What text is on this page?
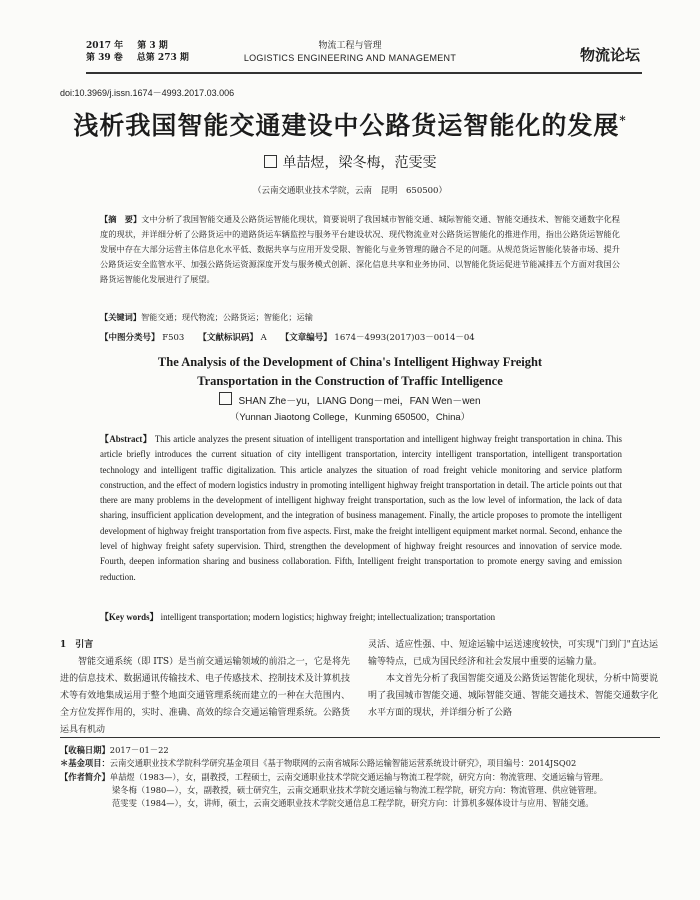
2017 年 第 3 期
第 39 卷 总第 273 期
物流工程与管理
LOGISTICS ENGINEERING AND MANAGEMENT	物流论坛
doi:10.3969/j.issn.1674－4993.2017.03.006
浅析我国智能交通建设中公路货运智能化的发展*
单喆煜，梁冬梅，范雯雯
（云南交通职业技术学院，云南　昆明　650500）
【摘　要】文中分析了我国智能交通及公路货运智能化现状，简要说明了我国城市智能交通、城际智能交通、智能交通技术、智能交通数字化程度的现状，并详细分析了公路货运中的道路货运车辆监控与服务平台建设状况、现代物流业对公路货运智能化的推进作用，指出公路货运智能化发展中存在大部分运营主体信息化水平低、数据共享与应用开发受限、智能化与业务管理的融合不足的问题。从规范货运智能化装备市场、提升公路货运安全监管水平、加强公路货运资源深度开发与服务模式创新、深化信息共享和业务协同、以智能化货运促进节能减排五个方面对我国公路货运智能化发展进行了展望。
【关键词】智能交通；现代物流；公路货运；智能化；运输
【中图分类号】 F503 【文献标识码】 A 【文章编号】 1674－4993(2017)03－0014－04
The Analysis of the Development of China's Intelligent Highway Freight
Transportation in the Construction of Traffic Intelligence
SHAN Zhe－yu，LIANG Dong－mei，FAN Wen－wen
（Yunnan Jiaotong College，Kunming 650500，China）
【Abstract】 This article analyzes the present situation of intelligent transportation and intelligent highway freight transportation in china. This article briefly introduces the current situation of city intelligent transportation, intercity intelligent transportation, intelligent transportation technology and intelligent traffic digitalization. This article analyzes the situation of road freight vehicle monitoring and service platform construction, and the effect of modern logistics industry in promoting intelligent highway freight transportation in detail. The article points out that there are many problems in the development of intelligent highway freight transportation, such as the low level of information, the lack of data sharing, insufficient application development, and the integration of business management. Finally, the article proposes to promote the intelligent development of highway freight transportation from five aspects. First, make the freight intelligent equipment market normal. Second, enhance the level of highway freight safety supervision. Third, strengthen the development of highway freight resources and innovation of service mode. Fourth, deepen information sharing and business collaboration. Fifth, Intelligent freight transportation to promote energy saving and emission reduction.
【Key words】 intelligent transportation; modern logistics; highway freight; intellectualization; transportation
1　引言
智能交通系统（即 ITS）是当前交通运输领域的前沿之一，它是将先进的信息技术、数据通讯传输技术、电子传感技术、控制技术及计算机技术等有效地集成运用于整个地面交通管理系统而建立的一种在大范围内、全方位发挥作用的，实时、准确、高效的综合交通运输管理系统。公路货运具有机动
灵活、适应性强、中、短途运输中运送速度较快，可实现"门到门"直达运输等特点，已成为国民经济和社会发展中重要的运输力量。
本文首先分析了我国智能交通及公路货运智能化现状，分析中简要说明了我国城市智能交通、城际智能交通、智能交通技术、智能交通数字化水平方面的现状，并详细分析了公路
【收稿日期】 2017－01－22
＊基金项目： 云南交通职业技术学院科学研究基金项目《基于物联网的云南省城际公路运输智能运营系统设计研究》，项目编号：2014JSQ02
【作者简介】 单喆煜（1983—），女，副教授，工程硕士，云南交通职业技术学院交通运输与物流工程学院，研究方向：物流管理、交通运输与管理。
梁冬梅（1980—），女，副教授，硕士研究生，云南交通职业技术学院交通运输与物流工程学院，研究方向：物流管理、供应链管理。
范雯雯（1984—），女，讲师，硕士，云南交通职业技术学院交通信息工程学院，研究方向：计算机多媒体设计与应用、智能交通。
